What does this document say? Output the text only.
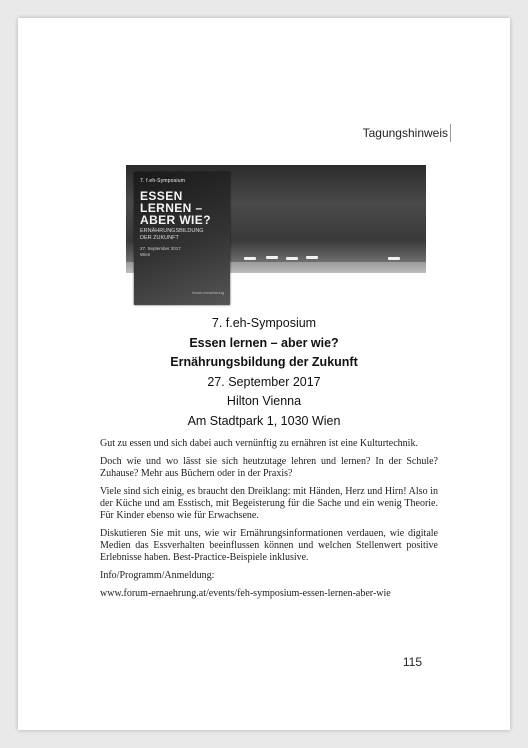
Tagungshinweis
7. f.eh-Symposium
ESSEN
LERNEN –
ABER WIE?
ERNÄHRUNGSBILDUNG
DER ZUKUNFT
27. September 2017
Wien
forum.ernaehrung
7. f.eh-Symposium
Essen lernen – aber wie?
Ernährungsbildung der Zukunft
27. September 2017
Hilton Vienna
Am Stadtpark 1, 1030 Wien

Gut zu essen und sich dabei auch vernünftig zu ernähren ist eine Kulturtechnik.

Doch wie und wo lässt sie sich heutzutage lehren und lernen? In der Schule? Zuhause? Mehr aus Büchern oder in der Praxis?

Viele sind sich einig, es braucht den Dreiklang: mit Händen, Herz und Hirn! Also in der Küche und am Esstisch, mit Begeisterung für die Sache und ein wenig Theorie. Für Kinder ebenso wie für Erwachsene.

Diskutieren Sie mit uns, wie wir Ernährungsinformationen verdauen, wie digitale Medien das Essverhalten beeinflussen können und welchen Stellenwert positive Erlebnisse haben. Best-Practice-Beispiele inklusive.

Info/Programm/Anmeldung:

www.forum-ernaehrung.at/events/feh-symposium-essen-lernen-aber-wie

115
